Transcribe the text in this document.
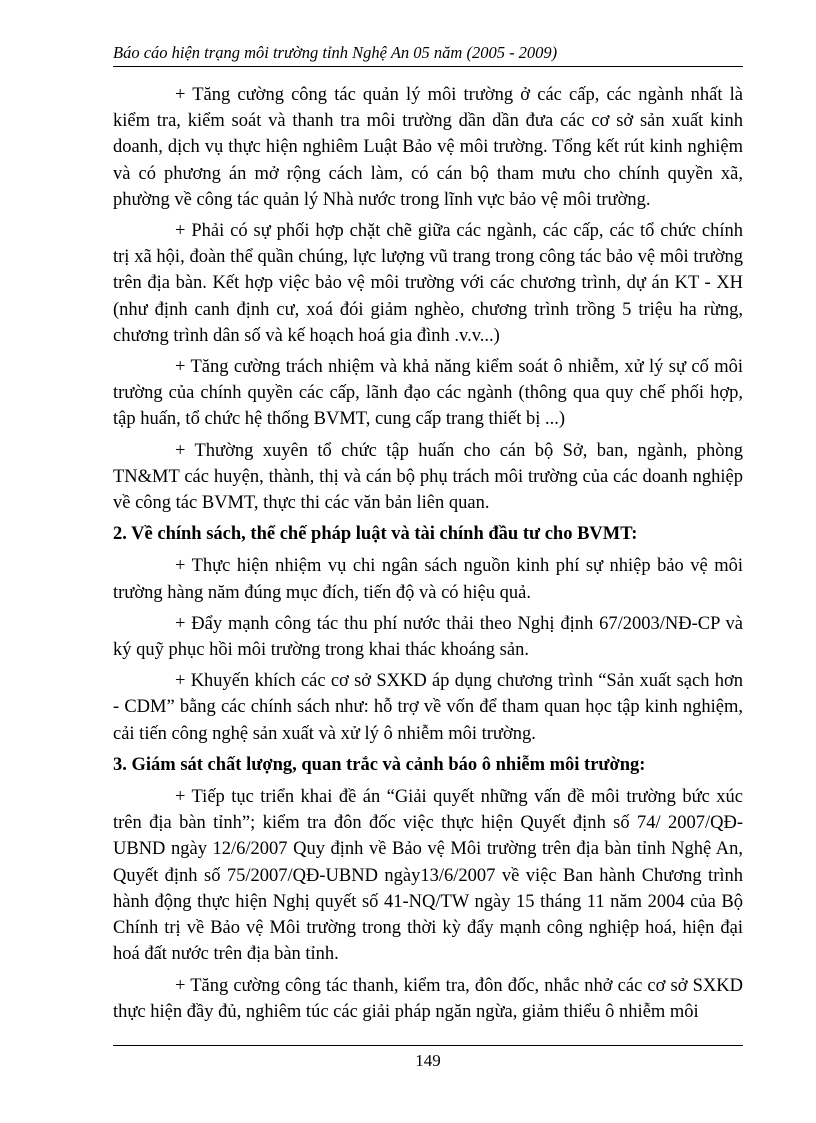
Báo cáo hiện trạng môi trường tỉnh Nghệ An 05 năm (2005 - 2009)

+ Tăng cường công tác quản lý môi trường ở các cấp, các ngành nhất là kiểm tra, kiểm soát và thanh tra môi trường dần dần đưa các cơ sở sản xuất kinh doanh, dịch vụ thực hiện nghiêm Luật Bảo vệ môi trường. Tổng kết rút kinh nghiệm và có phương án mở rộng cách làm, có cán bộ tham mưu cho chính quyền xã, phường về công tác quản lý Nhà nước trong lĩnh vực bảo vệ môi trường.

+ Phải có sự phối hợp chặt chẽ giữa các ngành, các cấp, các tổ chức chính trị xã hội, đoàn thể quần chúng, lực lượng vũ trang trong công tác bảo vệ môi trường trên địa bàn. Kết hợp việc bảo vệ môi trường với các chương trình, dự án KT - XH (như định canh định cư, xoá đói giảm nghèo, chương trình trồng 5 triệu ha rừng, chương trình dân số và kế hoạch hoá gia đình .v.v...)

+ Tăng cường trách nhiệm và khả năng kiểm soát ô nhiễm, xử lý sự cố môi trường của chính quyền các cấp, lãnh đạo các ngành (thông qua quy chế phối hợp, tập huấn, tổ chức hệ thống BVMT, cung cấp trang thiết bị ...)

+ Thường xuyên tổ chức tập huấn cho cán bộ Sở, ban, ngành, phòng TN&MT các huyện, thành, thị và cán bộ phụ trách môi trường của các doanh nghiệp về công tác BVMT, thực thi các văn bản liên quan.

2. Về chính sách, thể chế pháp luật và tài chính đầu tư cho BVMT:

+ Thực hiện nhiệm vụ chi ngân sách nguồn kinh phí sự nhiệp bảo vệ môi trường hàng năm đúng mục đích, tiến độ và có hiệu quả.

+ Đẩy mạnh công tác thu phí nước thải theo Nghị định 67/2003/NĐ-CP và ký quỹ phục hồi môi trường trong khai thác khoáng sản.

+ Khuyến khích các cơ sở SXKD áp dụng chương trình “Sản xuất sạch hơn - CDM” bằng các chính sách như: hỗ trợ về vốn để tham quan học tập kinh nghiệm, cải tiến công nghệ sản xuất và xử lý ô nhiễm môi trường.

3. Giám sát chất lượng, quan trắc và cảnh báo ô nhiễm môi trường:

+ Tiếp tục triển khai đề án “Giải quyết những vấn đề môi trường bức xúc trên địa bàn tỉnh”; kiểm tra đôn đốc việc thực hiện Quyết định số 74/ 2007/QĐ-UBND ngày 12/6/2007 Quy định về Bảo vệ Môi trường trên địa bàn tỉnh Nghệ An, Quyết định số 75/2007/QĐ-UBND ngày13/6/2007 về việc Ban hành Chương trình hành động thực hiện Nghị quyết số 41-NQ/TW ngày 15 tháng 11 năm 2004 của Bộ Chính trị về Bảo vệ Môi trường trong thời kỳ đẩy mạnh công nghiệp hoá, hiện đại hoá đất nước trên địa bàn tỉnh.

+ Tăng cường công tác thanh, kiểm tra, đôn đốc, nhắc nhở các cơ sở SXKD thực hiện đầy đủ, nghiêm túc các giải pháp ngăn ngừa, giảm thiểu ô nhiễm môi

149
